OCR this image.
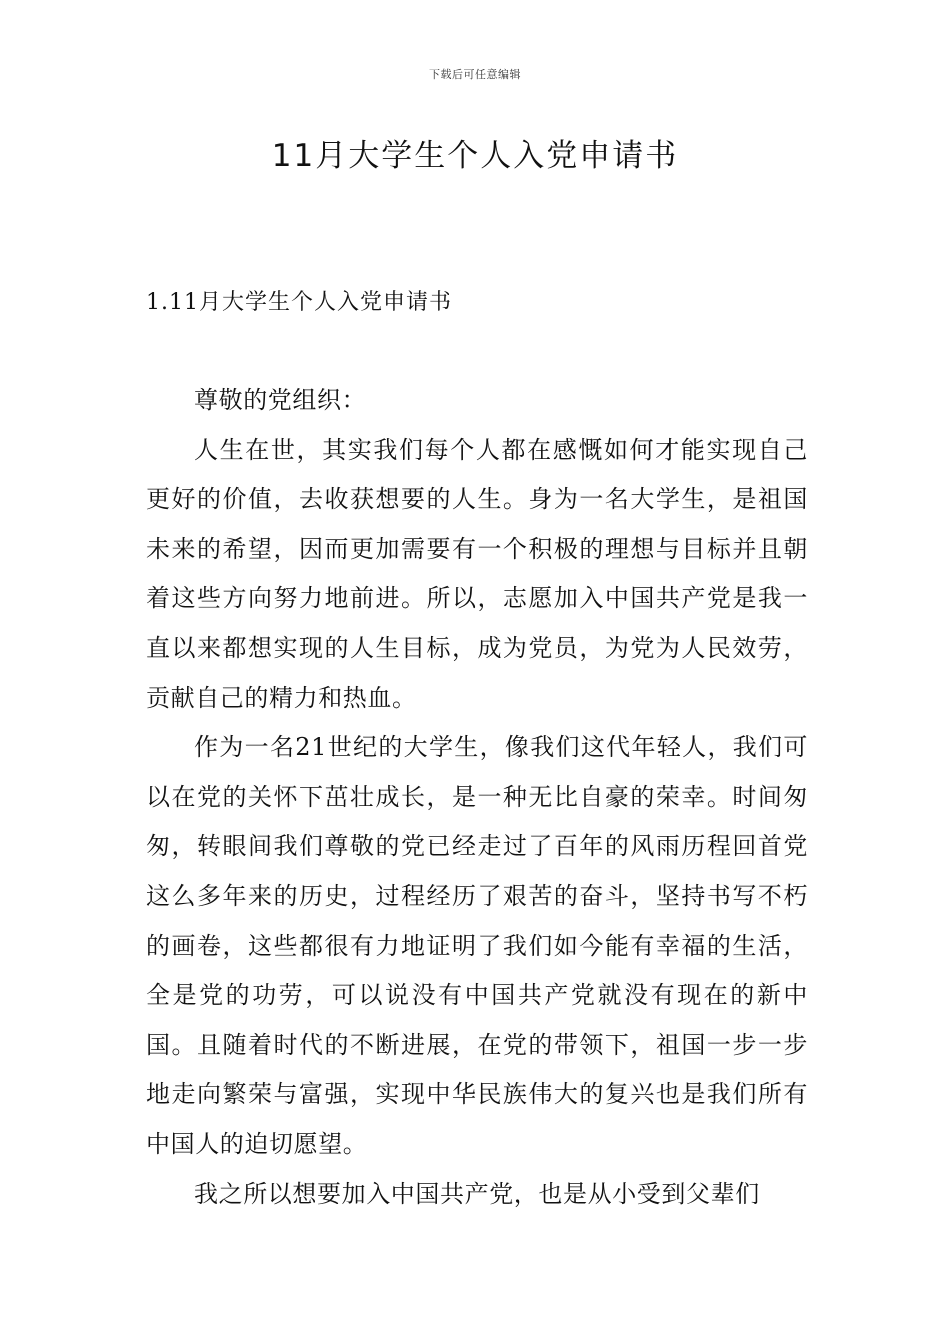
下载后可任意编辑
11月大学生个人入党申请书
1.11月大学生个人入党申请书

尊敬的党组织：

人生在世，其实我们每个人都在感慨如何才能实现自己更好的价值，去收获想要的人生。身为一名大学生，是祖国未来的希望，因而更加需要有一个积极的理想与目标并且朝着这些方向努力地前进。所以，志愿加入中国共产党是我一直以来都想实现的人生目标，成为党员，为党为人民效劳，贡献自己的精力和热血。

作为一名21世纪的大学生，像我们这代年轻人，我们可以在党的关怀下茁壮成长，是一种无比自豪的荣幸。时间匆匆，转眼间我们尊敬的党已经走过了百年的风雨历程回首党这么多年来的历史，过程经历了艰苦的奋斗，坚持书写不朽的画卷，这些都很有力地证明了我们如今能有幸福的生活，全是党的功劳，可以说没有中国共产党就没有现在的新中国。且随着时代的不断进展，在党的带领下，祖国一步一步地走向繁荣与富强，实现中华民族伟大的复兴也是我们所有中国人的迫切愿望。

我之所以想要加入中国共产党，也是从小受到父辈们
